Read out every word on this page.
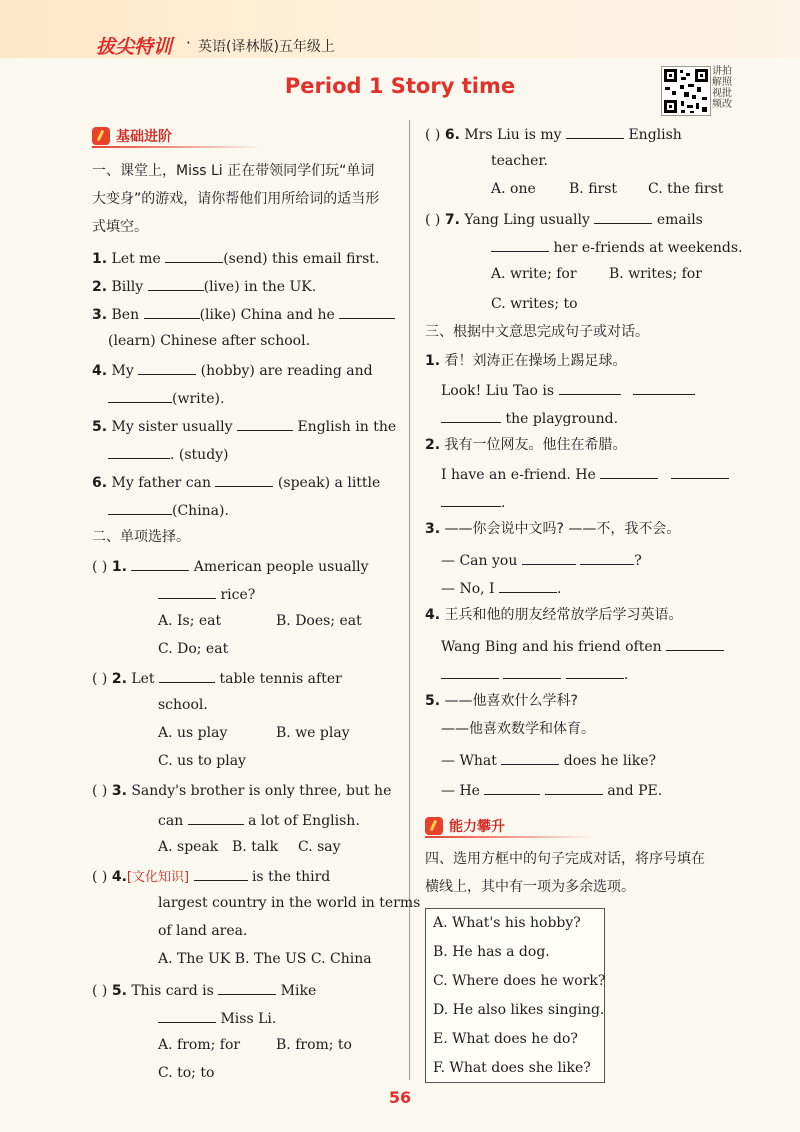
拔尖特训 · 英语(译林版)五年级上
Period 1 Story time
讲拍解照视批频改
基础进阶
一、课堂上，Miss Li 正在带领同学们玩“单词
大变身”的游戏，请你帮他们用所给词的适当形
式填空。
1. Let me	(send) this email first.
2. Billy	(live) in the UK.
3. Ben	(like) China and he
(learn) Chinese after school.
4. My	(hobby) are reading and
(write).
5. My sister usually	English in the
. (study)
6. My father can	(speak) a little
(China).
二、单项选择。
( ) 1.	American people usually
rice?
A. Is; eat	B. Does; eat
C. Do; eat
( ) 2. Let	table tennis after
school.
A. us play	B. we play
C. us to play
( ) 3. Sandy's brother is only three, but he
can	a lot of English.
A. speak B. talk C. say
( ) 4.[文化知识]	is the third
largest country in the world in terms
of land area.
A. The UK B. The US C. China
( ) 5. This card is	Mike
Miss Li.
A. from; for	B. from; to
C. to; to
( ) 6. Mrs Liu is my	English
teacher.
A. one B. first C. the first
( ) 7. Yang Ling usually	emails
her e-friends at weekends.
A. write; for B. writes; for
C. writes; to
三、根据中文意思完成句子或对话。
1. 看！刘涛正在操场上踢足球。
Look! Liu Tao is
the playground.
2. 我有一位网友。他住在希腊。
I have an e-friend. He
.
3. ——你会说中文吗? ——不，我不会。
— Can you	?
— No, I	.
4. 王兵和他的朋友经常放学后学习英语。
Wang Bing and his friend often
.
5. ——他喜欢什么学科?
——他喜欢数学和体育。
— What	does he like?
— He	and PE.
能力攀升
四、选用方框中的句子完成对话，将序号填在
横线上，其中有一项为多余选项。
A. What's his hobby?
B. He has a dog.
C. Where does he work?
D. He also likes singing.
E. What does he do?
F. What does she like?
56
